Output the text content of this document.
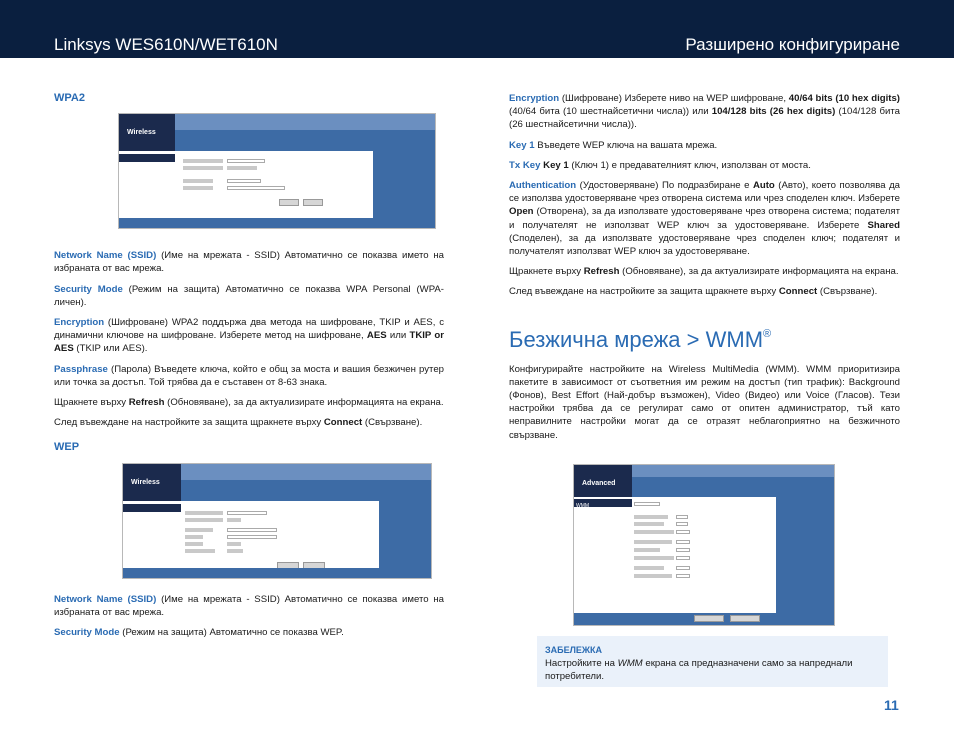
Linksys WES610N/WET610N	Разширено конфигуриране
WPA2
Wireless

Network Name (SSID) (Име на мрежата - SSID) Автоматично се показва името на избраната от вас мрежа.

Security Mode (Режим на защита) Автоматично се показва WPA Personal (WPA-личен).

Encryption (Шифроване) WPA2 поддържа два метода на шифроване, TKIP и AES, с динамични ключове на шифроване. Изберете метод на шифроване, AES или TKIP or AES (TKIP или AES).

Passphrase (Парола) Въведете ключа, който е общ за моста и вашия безжичен рутер или точка за достъп. Той трябва да е съставен от 8-63 знака.

Щракнете върху Refresh (Обновяване), за да актуализирате информацията на екрана.

След въвеждане на настройките за защита щракнете върху Connect (Свързване).

WEP
Wireless

Network Name (SSID) (Име на мрежата - SSID) Автоматично се показва името на избраната от вас мрежа.

Security Mode (Режим на защита) Автоматично се показва WEP.

Encryption (Шифроване) Изберете ниво на WEP шифроване, 40/64 bits (10 hex digits) (40/64 бита (10 шестнайсетични числа)) или 104/128 bits (26 hex digits) (104/128 бита (26 шестнайсетични числа)).

Key 1 Въведете WEP ключа на вашата мрежа.

Tx Key Key 1 (Ключ 1) е предавателният ключ, използван от моста.

Authentication (Удостоверяване) По подразбиране е Auto (Авто), което позволява да се използва удостоверяване чрез отворена система или чрез споделен ключ. Изберете Open (Отворена), за да използвате удостоверяване чрез отворена система; подателят и получателят не използват WEP ключ за удостоверяване. Изберете Shared (Споделен), за да използвате удостоверяване чрез споделен ключ; подателят и получателят използват WEP ключ за удостоверяване.

Щракнете върху Refresh (Обновяване), за да актуализирате информацията на екрана.

След въвеждане на настройките за защита щракнете върху Connect (Свързване).

Безжична мрежа > WMM®

Конфигурирайте настройките на Wireless MultiMedia (WMM). WMM приоритизира пакетите в зависимост от съответния им режим на достъп (тип трафик): Background (Фонов), Best Effort (Най-добър възможен), Video (Видео) или Voice (Гласов). Тези настройки трябва да се регулират само от опитен администратор, тъй като неправилните настройки могат да се отразят неблагоприятно на безжичното свързване.

Advanced
WMM
ЗАБЕЛЕЖКА
Настройките на WMM екрана са предназначени само за напреднали потребители.
11
